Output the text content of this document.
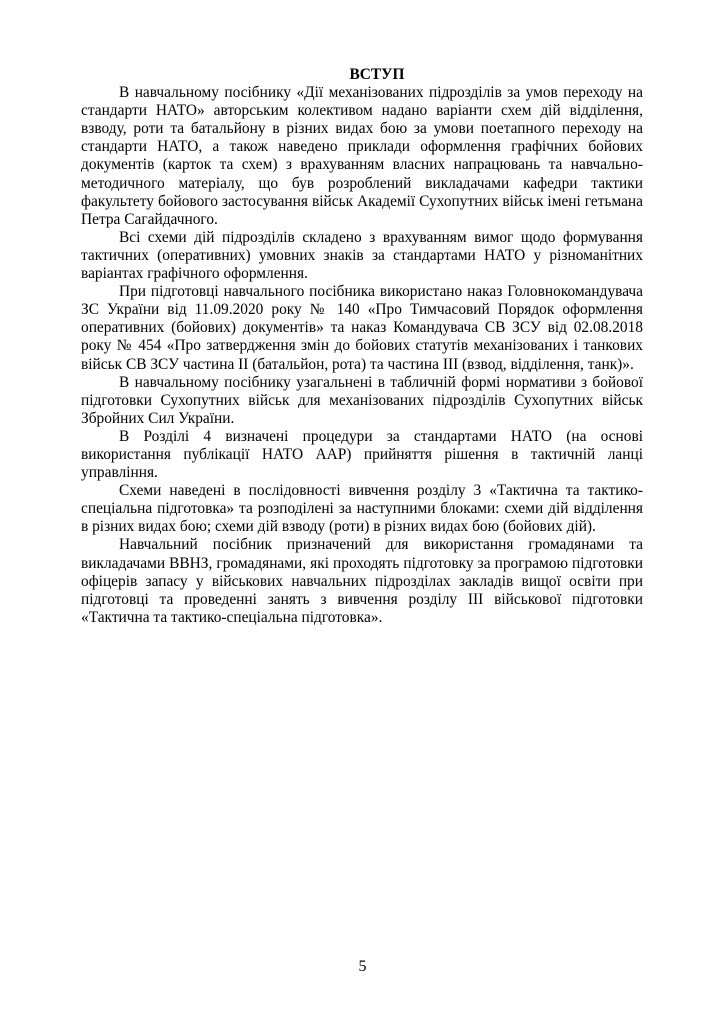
ВСТУП

В навчальному посібнику «Дії механізованих підрозділів за умов переходу на стандарти НАТО» авторським колективом надано варіанти схем дій відділення, взводу, роти та батальйону в різних видах бою за умови поетапного переходу на стандарти НАТО, а також наведено приклади оформлення графічних бойових документів (карток та схем) з врахуванням власних напрацювань та навчально-методичного матеріалу, що був розроблений викладачами кафедри тактики факультету бойового застосування військ Академії Сухопутних військ імені гетьмана Петра Сагайдачного.

Всі схеми дій підрозділів складено з врахуванням вимог щодо формування тактичних (оперативних) умовних знаків за стандартами НАТО у різноманітних варіантах графічного оформлення.

При підготовці навчального посібника використано наказ Головнокомандувача ЗС України від 11.09.2020 року № 140 «Про Тимчасовий Порядок оформлення оперативних (бойових) документів» та наказ Командувача СВ ЗСУ від 02.08.2018 року № 454 «Про затвердження змін до бойових статутів механізованих і танкових військ СВ ЗСУ частина ІІ (батальйон, рота) та частина ІІІ (взвод, відділення, танк)».

В навчальному посібнику узагальнені в табличній формі нормативи з бойової підготовки Сухопутних військ для механізованих підрозділів Сухопутних військ Збройних Сил України.

В Розділі 4 визначені процедури за стандартами НАТО (на основі використання публікації НАТО ААР) прийняття рішення в тактичній ланці управління.

Схеми наведені в послідовності вивчення розділу 3 «Тактична та тактико-спеціальна підготовка» та розподілені за наступними блоками: схеми дій відділення в різних видах бою; схеми дій взводу (роти) в різних видах бою (бойових дій).

Навчальний посібник призначений для використання громадянами та викладачами ВВНЗ, громадянами, які проходять підготовку за програмою підготовки офіцерів запасу у військових навчальних підрозділах закладів вищої освіти при підготовці та проведенні занять з вивчення розділу ІІІ військової підготовки «Тактична та тактико-спеціальна підготовка».

5
